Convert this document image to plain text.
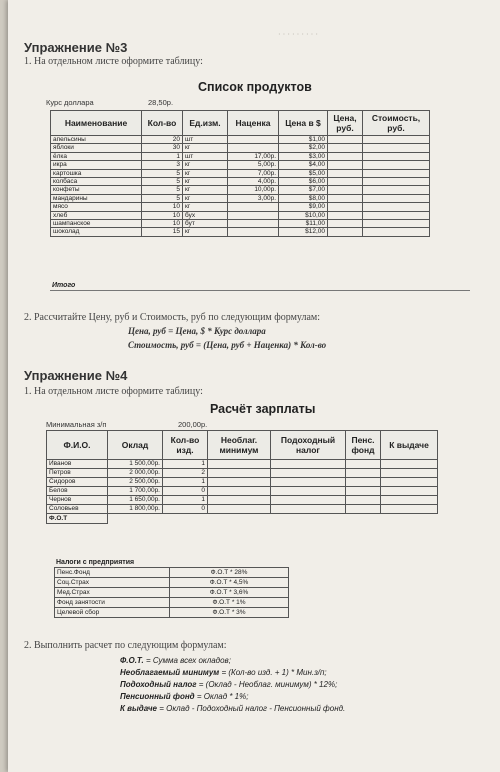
· · · · · · · · ·
Упражнение №3
1. На отдельном листе оформите таблицу:
Список продуктов
Курс доллара	28,50р.
Наименование	Кол-во	Ед.изм.	Наценка	Цена в $	Цена, руб.	Стоимость, руб.
апельсины	20	шт		$1,00		
яблоки	30	кг		$2,00		
ёлка	1	шт	17,00р.	$3,00		
икра	3	кг	5,00р.	$4,00		
картошка	5	кг	7,00р.	$5,00		
колбаса	5	кг	4,00р.	$6,00		
конфеты	5	кг	10,00р.	$7,00		
мандарины	5	кг	3,00р.	$8,00		
мясо	10	кг		$9,00		
хлеб	10	бух		$10,00		
шампанское	10	бут		$11,00		
шоколад	15	кг		$12,00		

Итого
2. Рассчитайте Цену, руб и Стоимость, руб по следующим формулам:
Цена, руб = Цена, $ * Курс доллара
Стоимость, руб = (Цена, руб + Наценка) * Кол-во
Упражнение №4
1. На отдельном листе оформите таблицу:
Расчёт зарплаты
Минимальная з/п	200,00р.
Ф.И.О.	Оклад	Кол-во изд.	Необлаг. минимум	Подоходный налог	Пенс. фонд	К выдаче
Иванов	1 500,00р.	1				
Петров	2 000,00р.	2				
Сидоров	2 500,00р.	1				
Белов	1 700,00р.	0				
Чернов	1 650,00р.	1				
Соловьев	1 800,00р.	0				
Ф.О.Т						
Налоги с предприятия
Пенс.Фонд	Ф.О.Т * 28%
Соц.Страх	Ф.О.Т * 4,5%
Мед.Страх	Ф.О.Т * 3,6%
Фонд занятости	Ф.О.Т * 1%
Целевой сбор	Ф.О.Т * 3%
2. Выполнить расчет по следующим формулам:
Ф.О.Т. = Сумма всех окладов;
Необлагаемый минимум = (Кол-во изд. + 1) * Мин.з/п;
Подоходный налог = (Оклад - Необлаг. минимум) * 12%;
Пенсионный фонд = Оклад * 1%;
К выдаче = Оклад - Подоходный налог - Пенсионный фонд.
